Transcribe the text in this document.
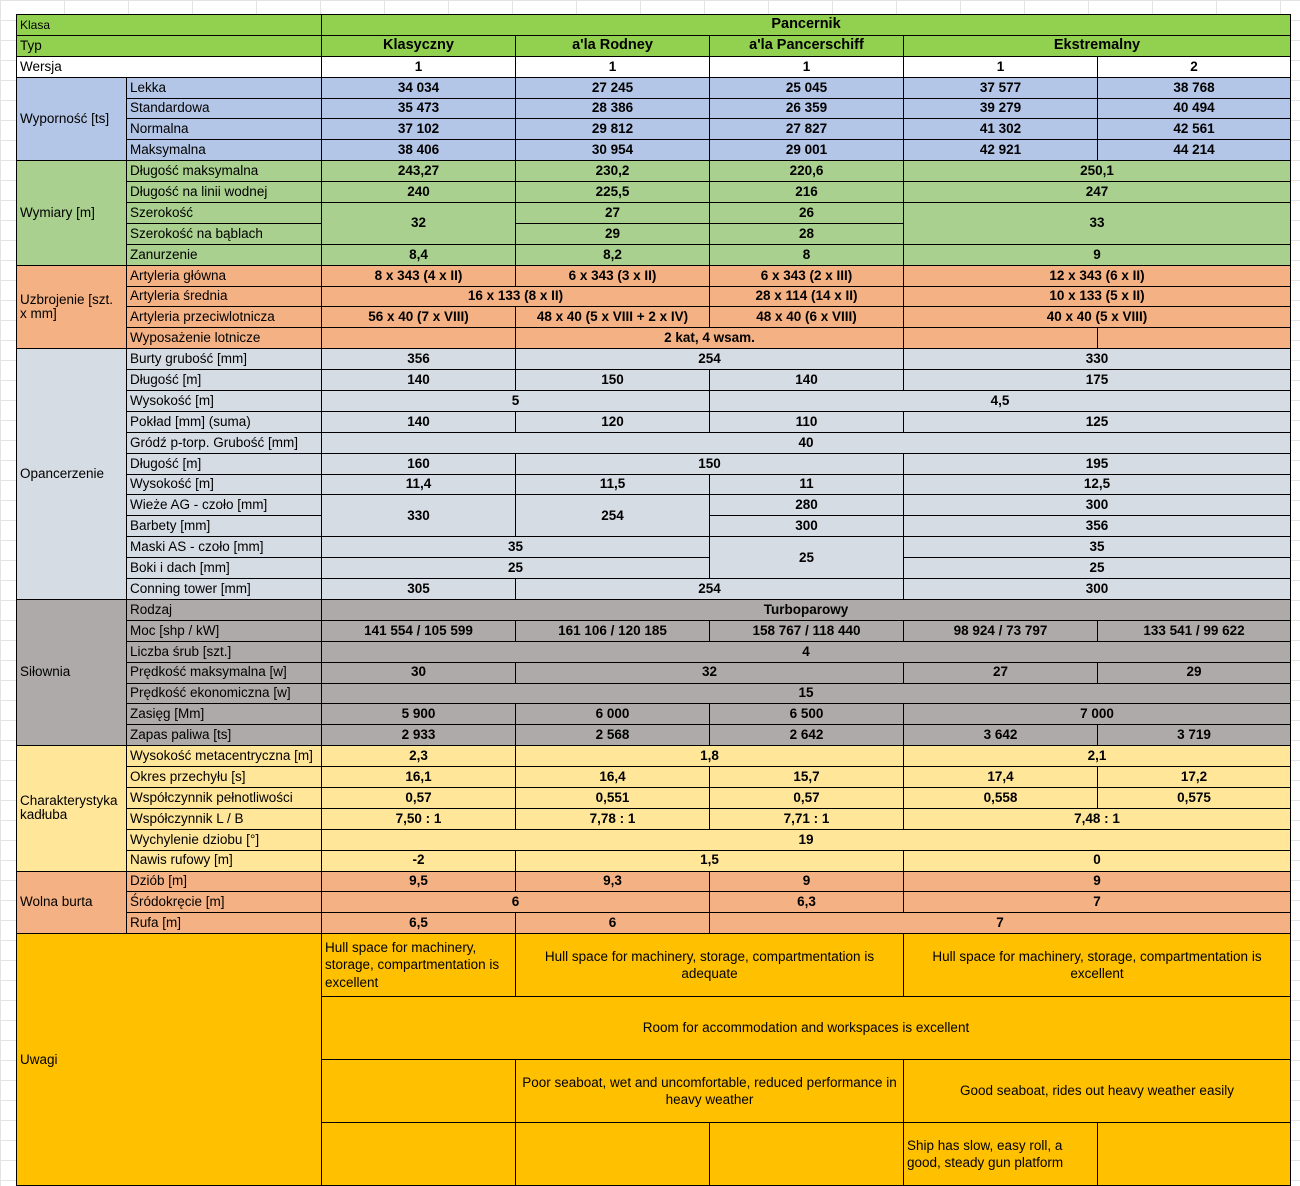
Klasa		Pancernik				
Typ		Klasyczny	a'la Rodney	a'la Pancerschiff	Ekstremalny	
Wersja		1	1	1	1	2
Wyporność [ts]	Lekka	34 034	27 245	25 045	37 577	38 768
	Standardowa	35 473	28 386	26 359	39 279	40 494
	Normalna	37 102	29 812	27 827	41 302	42 561
	Maksymalna	38 406	30 954	29 001	42 921	44 214
Wymiary [m]	Długość maksymalna	243,27	230,2	220,6	250,1	
	Długość na linii wodnej	240	225,5	216	247	
	Szerokość	32	27	26	33	
	Szerokość na bąblach		29	28		
	Zanurzenie	8,4	8,2	8	9	
Uzbrojenie [szt. x mm]	Artyleria główna	8 x 343 (4 x II)	6 x 343 (3 x II)	6 x 343 (2 x III)	12 x 343 (6 x II)	
	Artyleria średnia	16 x 133 (8 x II)		28 x 114 (14 x II)	10 x 133 (5 x II)	
	Artyleria przeciwlotnicza	56 x 40 (7 x VIII)	48 x 40 (5 x VIII + 2 x IV)	48 x 40 (6 x VIII)	40 x 40 (5 x VIII)	
	Wyposażenie lotnicze		2 kat, 4 wsam.			
Opancerzenie	Burty grubość [mm]	356	254		330	
	Długość [m]	140	150	140	175	
	Wysokość [m]	5		4,5		
	Pokład [mm] (suma)	140	120	110	125	
	Gródź p-torp. Grubość [mm]	40				
	Długość [m]	160	150		195	
	Wysokość [m]	11,4	11,5	11	12,5	
	Wieże AG - czoło [mm]	330	254	280	300	
	Barbety [mm]			300	356	
	Maski AS - czoło [mm]	35		25	35	
	Boki i dach [mm]	25			25	
	Conning tower [mm]	305	254		300	
Siłownia	Rodzaj	Turboparowy				
	Moc [shp / kW]	141 554 / 105 599	161 106 / 120 185	158 767 / 118 440	98 924 / 73 797	133 541 / 99 622
	Liczba śrub [szt.]	4				
	Prędkość maksymalna [w]	30	32		27	29
	Prędkość ekonomiczna [w]	15				
	Zasięg [Mm]	5 900	6 000	6 500	7 000	
	Zapas paliwa [ts]	2 933	2 568	2 642	3 642	3 719
Charakterystyka kadłuba	Wysokość metacentryczna [m]	2,3	1,8		2,1	
	Okres przechyłu [s]	16,1	16,4	15,7	17,4	17,2
	Współczynnik pełnotliwości	0,57	0,551	0,57	0,558	0,575
	Współczynnik L / B	7,50 : 1	7,78 : 1	7,71 : 1	7,48 : 1	
	Wychylenie dziobu [°]	19				
	Nawis rufowy [m]	-2	1,5		0	
Wolna burta	Dziób [m]	9,5	9,3	9	9	
	Śródokręcie [m]	6		6,3	7	
	Rufa [m]	6,5	6	7		
Uwagi		Hull space for machinery, storage, compartmentation is excellent	Hull space for machinery, storage, compartmentation is adequate		Hull space for machinery, storage, compartmentation is excellent	
		Room for accommodation and workspaces is excellent				
			Poor seaboat, wet and uncomfortable, reduced performance in heavy weather		Good seaboat, rides out heavy weather easily	
					Ship has slow, easy roll, a good, steady gun platform	
